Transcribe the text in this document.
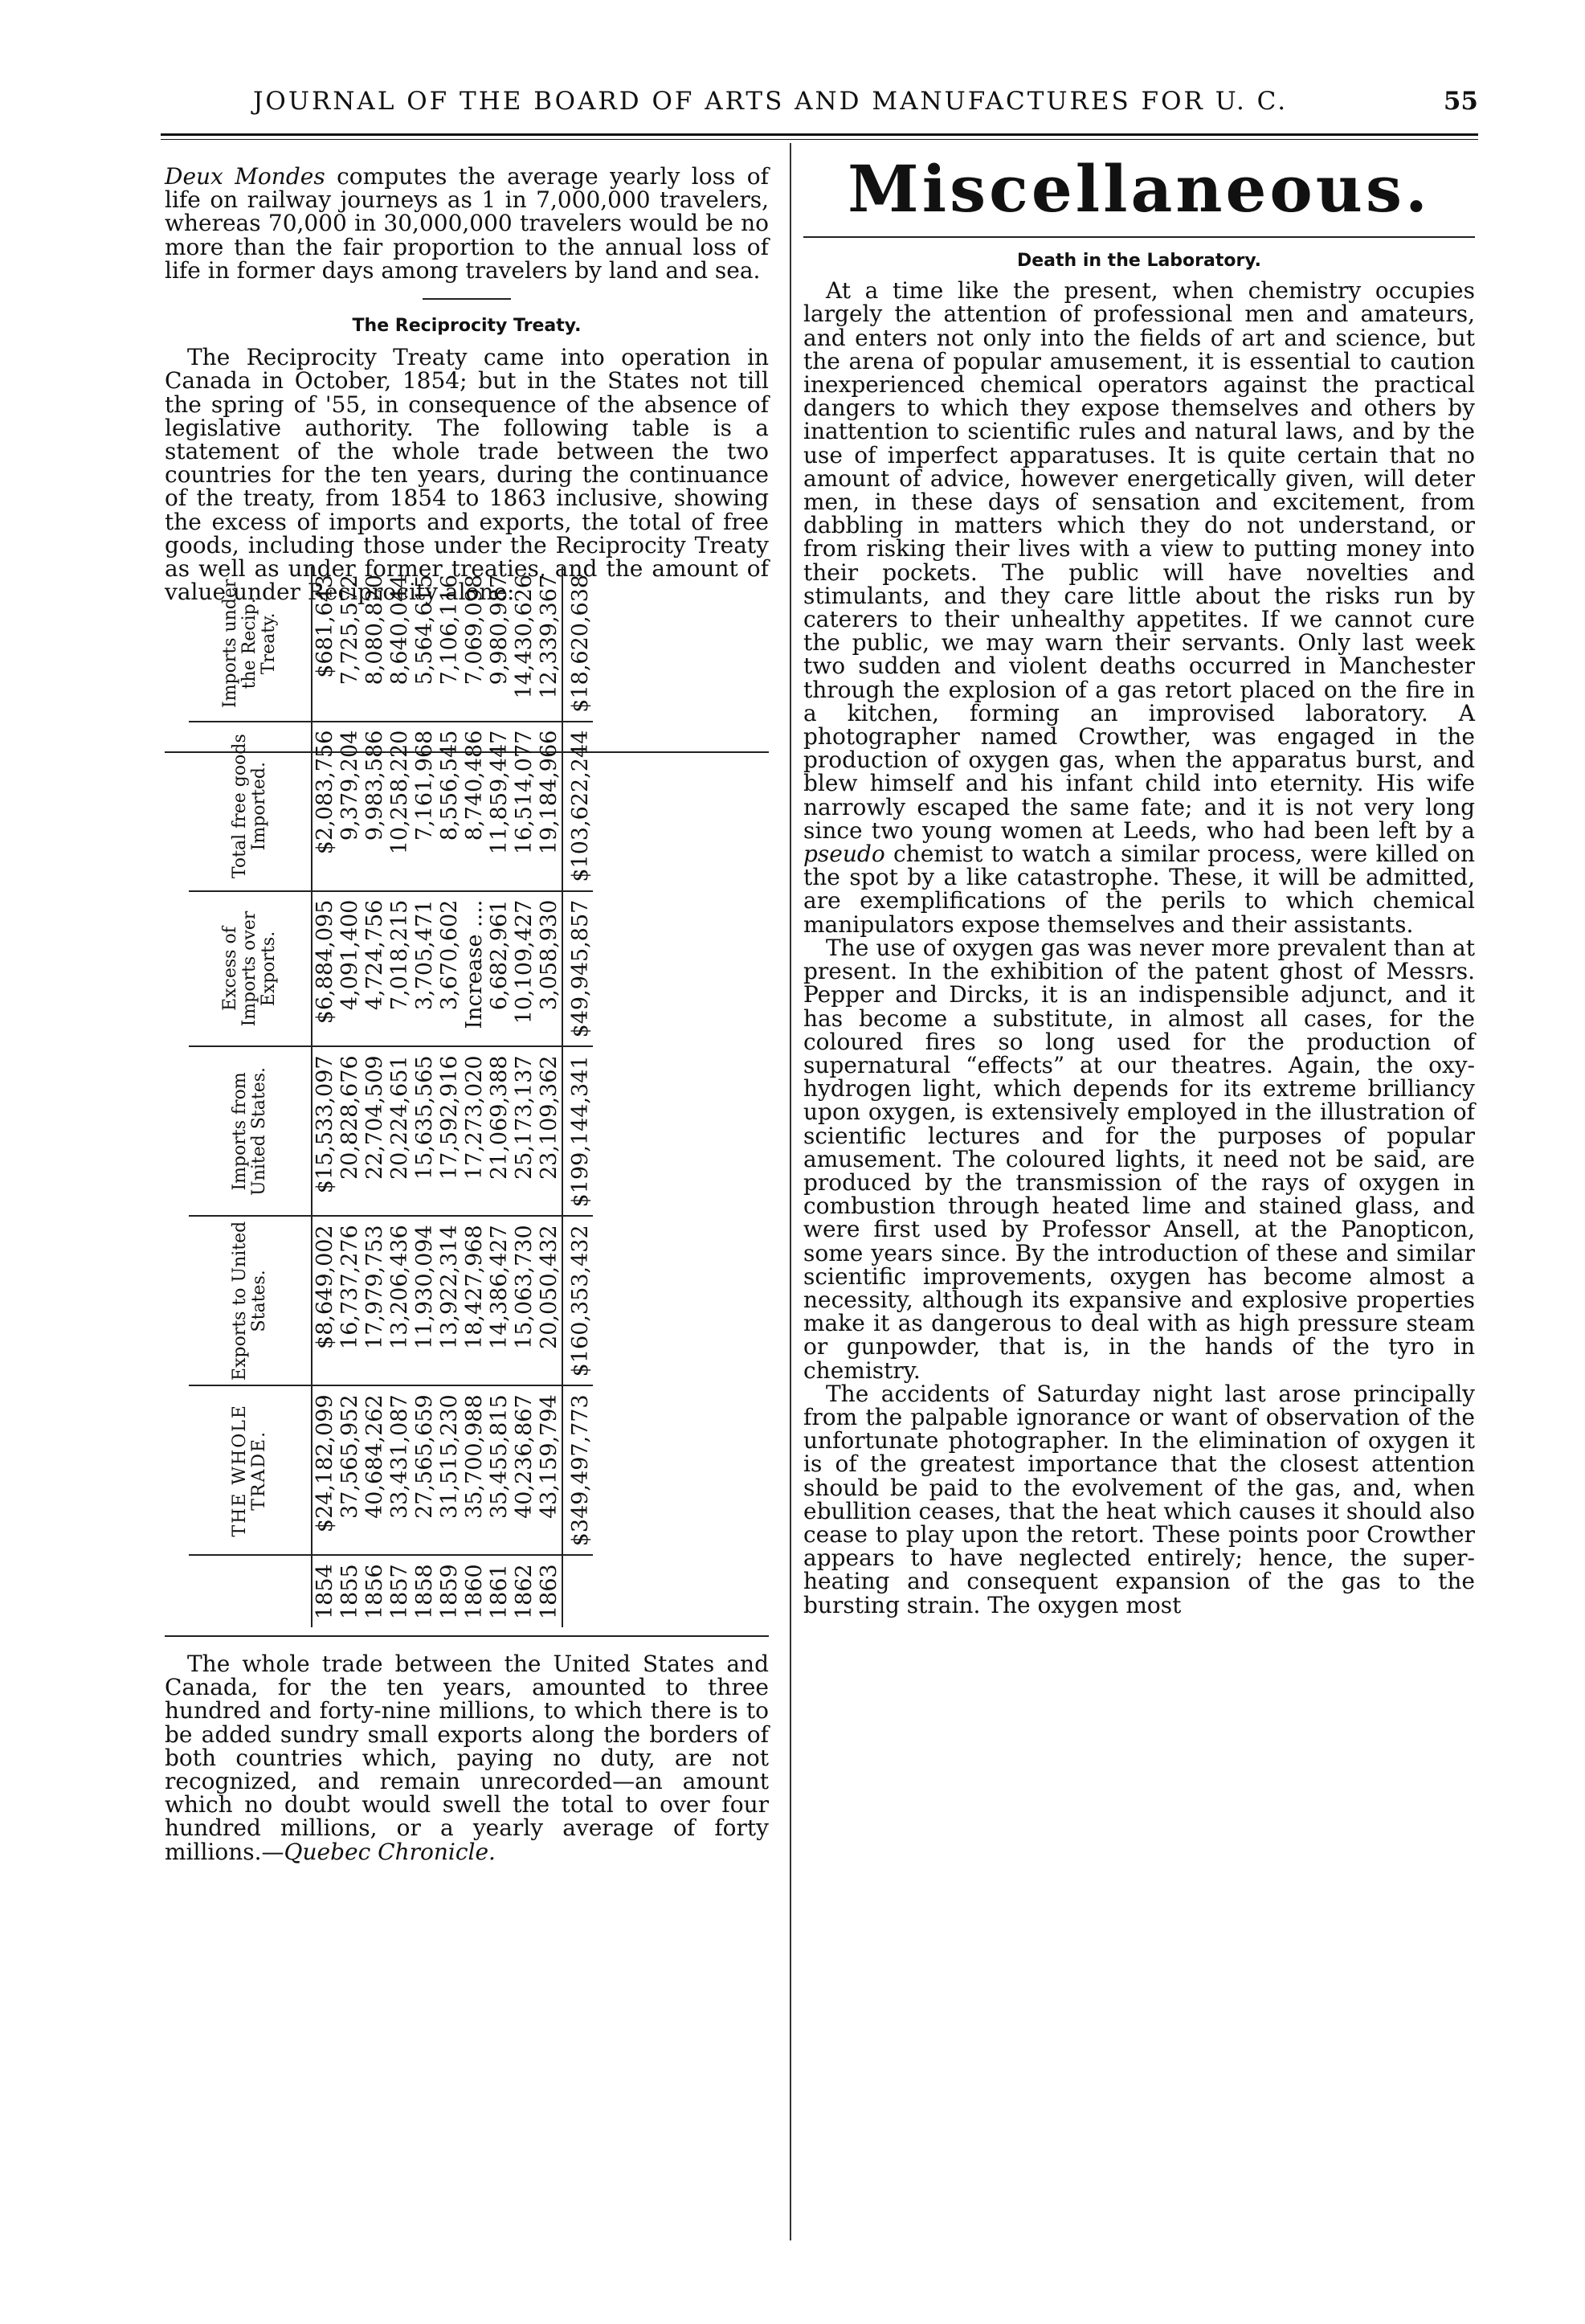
JOURNAL OF THE BOARD OF ARTS AND MANUFACTURES FOR U. C.	55

Deux Mondes computes the average yearly loss of life on railway journeys as 1 in 7,000,000 travelers, whereas 70,000 in 30,000,000 travelers would be no more than the fair proportion to the annual loss of life in former days among travelers by land and sea.

The Reciprocity Treaty.

The Reciprocity Treaty came into operation in Canada in October, 1854; but in the States not till the spring of '55, in consequence of the absence of legislative authority. The following table is a statement of the whole trade between the two countries for the ten years, during the continuance of the treaty, from 1854 to 1863 inclusive, showing the excess of imports and exports, the total of free goods, including those under the Reciprocity Treaty as well as under former treaties, and the amount of value under Reciprocity alone:

	THE WHOLE TRADE.	Exports to United States.	Imports from United States.	Excess of Imports over Exports.	Total free goods Imported.	Imports under the Recip. Treaty.
1854	$24,182,099	$8,649,002	$15,533,097	$6,884,095	$2,083,756	$681,643
1855	37,565,952	16,737,276	20,828,676	4,091,400	9,379,204	7,725,572
1856	40,684,262	17,979,753	22,704,509	4,724,756	9,983,586	8,080,820
1857	33,431,087	13,206,436	20,224,651	7,018,215	10,258,220	8,640,044
1858	27,565,659	11,930,094	15,635,565	3,705,471	7,161,968	5,564,615
1859	31,515,230	13,922,314	17,592,916	3,670,602	8,556,545	7,106,116
1860	35,700,988	18,427,968	17,273,020	Increase ....	8,740,486	7,069,098
1861	35,455,815	14,386,427	21,069,388	6,682,961	11,859,447	9,980,987
1862	40,236,867	15,063,730	25,173,137	10,109,427	16,514,077	14,430,626
1863	43,159,794	20,050,432	23,109,362	3,058,930	19,184,966	12,339,367
	$349,497,773	$160,353,432	$199,144,341	$49,945,857	$103,622,244	$18,620,638

The whole trade between the United States and Canada, for the ten years, amounted to three hundred and forty-nine millions, to which there is to be added sundry small exports along the borders of both countries which, paying no duty, are not recognized, and remain unrecorded—an amount which no doubt would swell the total to over four hundred millions, or a yearly average of forty millions.—Quebec Chronicle.

Miscellaneous.
Death in the Laboratory.

At a time like the present, when chemistry occupies largely the attention of professional men and amateurs, and enters not only into the fields of art and science, but the arena of popular amusement, it is essential to caution inexperienced chemical operators against the practical dangers to which they expose themselves and others by inattention to scientific rules and natural laws, and by the use of imperfect apparatuses. It is quite certain that no amount of advice, however energetically given, will deter men, in these days of sensation and excitement, from dabbling in matters which they do not understand, or from risking their lives with a view to putting money into their pockets. The public will have novelties and stimulants, and they care little about the risks run by caterers to their unhealthy appetites. If we cannot cure the public, we may warn their servants. Only last week two sudden and violent deaths occurred in Manchester through the explosion of a gas retort placed on the fire in a kitchen, forming an improvised laboratory. A photographer named Crowther, was engaged in the production of oxygen gas, when the apparatus burst, and blew himself and his infant child into eternity. His wife narrowly escaped the same fate; and it is not very long since two young women at Leeds, who had been left by a pseudo chemist to watch a similar process, were killed on the spot by a like catastrophe. These, it will be admitted, are exemplifications of the perils to which chemical manipulators expose themselves and their assistants.

The use of oxygen gas was never more prevalent than at present. In the exhibition of the patent ghost of Messrs. Pepper and Dircks, it is an indispensible adjunct, and it has become a substitute, in almost all cases, for the coloured fires so long used for the production of supernatural “effects” at our theatres. Again, the oxy-hydrogen light, which depends for its extreme brilliancy upon oxygen, is extensively employed in the illustration of scientific lectures and for the purposes of popular amusement. The coloured lights, it need not be said, are produced by the transmission of the rays of oxygen in combustion through heated lime and stained glass, and were first used by Professor Ansell, at the Panopticon, some years since. By the introduction of these and similar scientific improvements, oxygen has become almost a necessity, although its expansive and explosive properties make it as dangerous to deal with as high pressure steam or gunpowder, that is, in the hands of the tyro in chemistry.

The accidents of Saturday night last arose principally from the palpable ignorance or want of observation of the unfortunate photographer. In the elimination of oxygen it is of the greatest importance that the closest attention should be paid to the evolvement of the gas, and, when ebullition ceases, that the heat which causes it should also cease to play upon the retort. These points poor Crowther appears to have neglected entirely; hence, the super-heating and consequent expansion of the gas to the bursting strain. The oxygen most
